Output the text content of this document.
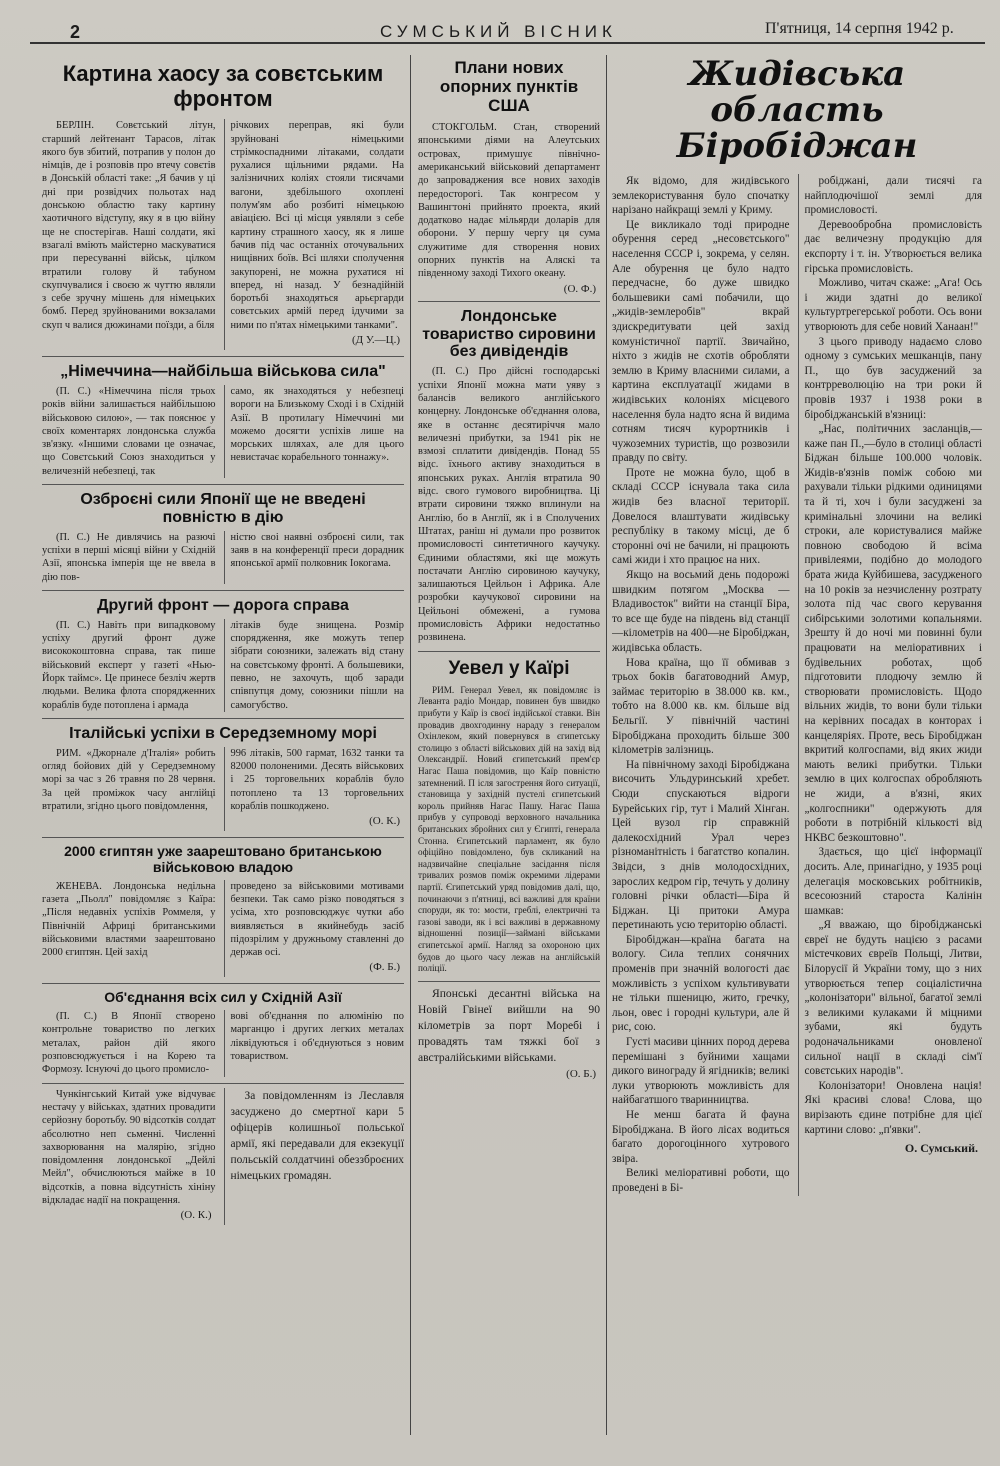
2	СУМСЬКИЙ ВІСНИК	П'ятниця, 14 серпня 1942 р.
Картина хаосу за совєтським фронтом

БЕРЛІН. Совєтський літун, старший лейтенант Тарасов, літак якого був збитий, потрапив у полон до німців, де і розповів про втечу совєтів в Донській області таке: „Я бачив у ці дні при розвідчих польотах над донською областю таку картину хаотичного відступу, яку я в цю війну ще не спостерігав. Наші солдати, які взагалі вміють майстерно маскуватися при пересуванні військ, цілком втратили голову й табуном скупчувалися і своєю ж чуттю являли з себе зручну мішень для німецьких бомб. Перед зруйнованими вокзалами скуп ч валися дюжинами поїзди, а біля

річкових переправ, які були зруйновані німецькими стрімкоспадними літаками, солдати рухалися щільними рядами. На залізничних коліях стояли тисячами вагони, здебільшого охоплені полум'ям або розбиті німецькою авіацією. Всі ці місця уявляли з себе картину страшного хаосу, як я лише бачив під час останніх оточувальних нищівних боїв. Всі шляхи сполучення закупорені, не можна рухатися ні вперед, ні назад. У безнадійній боротьбі знаходяться арьєргарди совєтських армій перед ідучими за ними по п'ятах німецькими танками".

(Д У.—Ц.)
„Німеччина—найбільша військова сила"

(П. С.) «Німеччина після трьох років війни залишається найбільшою військовою силою», — так пояснює у своїх коментарях лондонська служба зв'язку. «Іншими словами це означає, що Совєтський Союз знаходиться у величезній небезпеці, так

само, як знаходяться у небезпеці вороги на Близькому Сході і в Східній Азії. В протилагу Німеччині ми можемо досягти успіхів лише на морських шляхах, але для цього невистачає корабельного тоннажу».

Озброєні сили Японії ще не введені повністю в дію

(П. С.) Не дивлячись на разючі успіхи в перші місяці війни у Східній Азії, японська імперія ще не ввела в дію пов-

ністю своі наявні озброєні сили, так заяв в на конференції преси дорадник японської армії полковник Іокогама.

Другий фронт — дорога справа

(П. С.) Навіть при випадковому успіху другий фронт дуже висококоштовна справа, так пише військовий експерт у газеті «Нью-Йорк таймс». Це принесе безліч жертв людьми. Велика флота спорядженних кораблів буде потоплена і армада

літаків буде знищена. Розмір спорядження, яке можуть тепер зібрати союзники, залежать від стану на совєтському фронті. А большевики, певно, не захочуть, щоб заради співпутця дому, союзники пішли на самогубство.

Італійські успіхи в Середземному морі

РИМ. «Джорнале д'Італія» робить огляд бойових дій у Середземному морі за час з 26 травня по 28 червня. За цей проміжок часу англійці втратили, згідно цього повідомлення,

996 літаків, 500 гармат, 1632 танки та 82000 полоненими. Десять військових і 25 торговельних кораблів було потоплено та 13 торговельних кораблів пошкоджено.

(О. К.)
2000 єгиптян уже заарештовано британською військовою владою

ЖЕНЕВА. Лондонська недільна газета „Пьолл" повідомляє з Каїра: „Після недавніх успіхів Роммеля, у Північній Африці британськими військовими властями заарештовано 2000 єгиптян. Цей захід

проведено за військовими мотивами безпеки. Так само різко поводяться з усіма, хто розповсюджує чутки або виявляється в якийнебудь засіб підозрілим у дружньому ставленні до держав осі.

(Ф. Б.)
Об'єднання всіх сил у Східній Азії

(П. С.) В Японії створено контрольне товариство по легких металах, район дій якого розповсюджується і на Корею та Формозу. Існуючі до цього промисло-

вові об'єднання по алюмінію по марганцю і других легких металах ліквідуються і об'єднуються з новим товариством.

Чункінгський Китай уже відчуває нестачу у військах, здатних провадити серйозну боротьбу. 90 відсотків солдат абсолютно неп сьменні. Численні захворювання на малярію, згідно повідомлення лондонської „Дейлі Мейл", обчислюються майже в 10 відсотків, а повна відсутність хініну відкладає надії на покращення.

(О. К.)

За повідомленням із Леславля засуджено до смертної кари 5 офіцерів колишньої польської армії, які передавали для екзекуції польській солдатчині обеззброєних німецьких громадян.

Плани нових опорних пунктів США

СТОКГОЛЬМ. Стан, створений японськими діями на Алеутських островах, примушує північно-американський військовий департамент до запроваджения все нових заходів передосторогі. Так конгресом у Вашингтоні прийнято проекта, який додатково надає мільярди доларів для оборони. У першу чергу ця сума служитиме для створення нових опорних пунктів на Аляскі та південному заході Тихого океану.

(О. Ф.)
Лондонське товариство сировини без дивідендів

(П. С.) Про дійсні господарські успіхи Японії можна мати уяву з балансів великого англійського концерну. Лондонське об'єднання олова, яке в останнє десятиріччя мало величезні прибутки, за 1941 рік не взмозі сплатити дивідендів. Понад 55 відс. їхнього активу знаходиться в японських руках. Англія втратила 90 відс. свого гумового виробництва. Ці втрати сировини тяжко вплинули на Англію, бо в Англії, як і в Сполучених Штатах, раніш ні думали про розвиток промисловості синтетичного каучуку. Єдиними областями, які ще можуть постачати Англію сировиною каучуку, залишаються Цейльон і Африка. Але розробки каучукової сировини на Цейльоні обмежені, а гумова промисловість Африки недостатньо розвинена.

Уевел у Каїрі

РИМ. Генерал Уевел, як повідомляє із Леванта радіо Мондар, повинен був швидко прибути у Каїр із своєї індійської ставки. Він провадив двохгодинну нараду з генералом Охінлеком, який повернувся в єгипетську столицю з області військових дій на захід від Олександрії. Новий єгипетський прем'єр Нагас Паша повідомив, що Каїр повністю затемнений. П ісля загострення його ситуації, становища у західній пустелі єгипетський король прийняв Нагас Пашу. Нагас Паша прибув у супроводі верховного начальника британських збройних сил у Єгипті, генерала Стонна. Єгипетський парламент, як було офіційно повідомлено, був скликаний на надзвичайне спеціальне засідання після тривалих розмов поміж окремими лідерами партії. Єгипетський уряд повідомив далі, що, починаючи з п'ятниці, всі важливі для країни споруди, як то: мости, греблі, електричні та газові заводи, як і всі важливі в державному відношенні позиції—займані військами єгипетської армії. Нагляд за охороною цих будов до цього часу лежав на англійській поліції.

Японські десантні війська на Новій Гвінеї вийшли на 90 кілометрів за порт Моребі і провадять там тяжкі бої з австралійськими військами.

(О. Б.)
Жидівська область Біробіджан

Як відомо, для жидівського землекористування було спочатку нарізано найкращі землі у Криму.

Це викликало тоді природне обурення серед „несовєтського" населення СССР і, зокрема, у селян. Але обурення це було надто передчасне, бо дуже швидко большевики самі побачили, що „жидів-землеробів" вкрай здискредитувати цей захід комуністичної партії. Звичайно, ніхто з жидів не схотів обробляти землю в Криму власними силами, а картина експлуатації жидами в жидівських колоніях місцевого населення була надто ясна й видима сотням тисяч курортників і чужоземних туристів, що розвозили правду по світу.

Проте не можна було, щоб в складі СССР існувала така сила жидів без власної території. Довелося влаштувати жидівську республіку в такому місці, де б сторонні очі не бачили, ні працюють самі жиди і хто працює на них.

Якщо на восьмий день подорожі швидким потягом „Москва — Владивосток" вийти на станції Біра, то все ще буде на південь від станції—кілометрів на 400—не Біробіджан, жидівська область.

Нова країна, що її обмивав з трьох боків багатоводний Амур, займає територію в 38.000 кв. км., тобто на 8.000 кв. км. більше від Бельгії. У північній частині Біробіджана проходить більше 300 кілометрів залізниць.

На північному заході Біробіджана височить Ульдуринський хребет. Сюди спускаються відроги Бурейських гір, тут і Малий Хінган. Цей вузол гір справжній далекосхідний Урал через різноманітність і багатство копалин. Звідси, з днів молодосхідних, зарослих кедром гір, течуть у долину головні річки області—Біра й Біджан. Ці притоки Амура перетинають усю територію області.

Біробіджан—країна багата на вологу. Сила теплих сонячних променів при значній вологості дає можливість з успіхом культивувати не тільки пшеницю, жито, гречку, льон, овес і городні культури, але й рис, сою.

Густі масиви цінних пород дерева перемішані з буйними хащами дикого винограду й ягідників; великі луки утворюють можливість для найбагатшого тваринництва.

Не менш багата й фауна Біробіджана. В його лісах водиться багато дорогоцінного хутрового звіра.

Великі меліоративні роботи, що проведені в Бі-

робіджані, дали тисячі га найплодючішої землі для промисловості.

Деревообробна промисловість дає величезну продукцію для експорту і т. ін. Утворюється велика гірська промисловість.

Можливо, читач скаже: „Ага! Ось і жиди здатні до великої культуртрегерської роботи. Ось вони утворюють для себе новий Ханаан!"

З цього приводу надаємо слово одному з сумських мешканців, пану П., що був засуджений за контрреволюцію на три роки й провів 1937 і 1938 роки в біробіджанській в'язниці:

„Нас, політичних засланців,—каже пан П.,—було в столиці області Біджан більше 100.000 чоловік. Жидів-в'язнів поміж собою ми рахували тільки рідкими одиницями та й ті, хоч і були засуджені за кримінальні злочини на великі строки, але користувалися майже повною свободою й всіма привілеями, подібно до молодого брата жида Куйбишева, засудженого на 10 років за незчисленну розтрату золота під час свого керування сибірськими золотими копальнями. Зрешту й до ночі ми повинні були працювати на меліоративних і будівельних роботах, щоб підготовити плодючу землю й створювати промисловість. Щодо вільних жидів, то вони були тільки на керівних посадах в конторах і канцеляріях. Проте, весь Біробіджан вкритий колгоспами, від яких жиди мають великі прибутки. Тільки землю в цих колгоспах обробляють не жиди, а в'язні, яких „колгоспники" одержують для роботи в потрібній кількості від НКВС безкоштовно".

Здається, що цієї інформації досить. Але, принагідно, у 1935 році делегація московських робітників, всесоюзний староста Калінін шамкав:

„Я вважаю, що біробіджанські євреї не будуть нацією з расами містечкових євреїв Польщі, Литви, Білорусії й України тому, що з них утворюється тепер соціалістична „колонізатори" вільної, багатої землі з великими кулаками й міцними зубами, які будуть родоначальниками оновленої сильної нації в складі сім'ї совєтських народів".

Колонізатори! Оновлена нація! Які красиві слова! Слова, що вирізають єдине потрібне для цієї картини слово: „п'явки".

О. Сумський.
